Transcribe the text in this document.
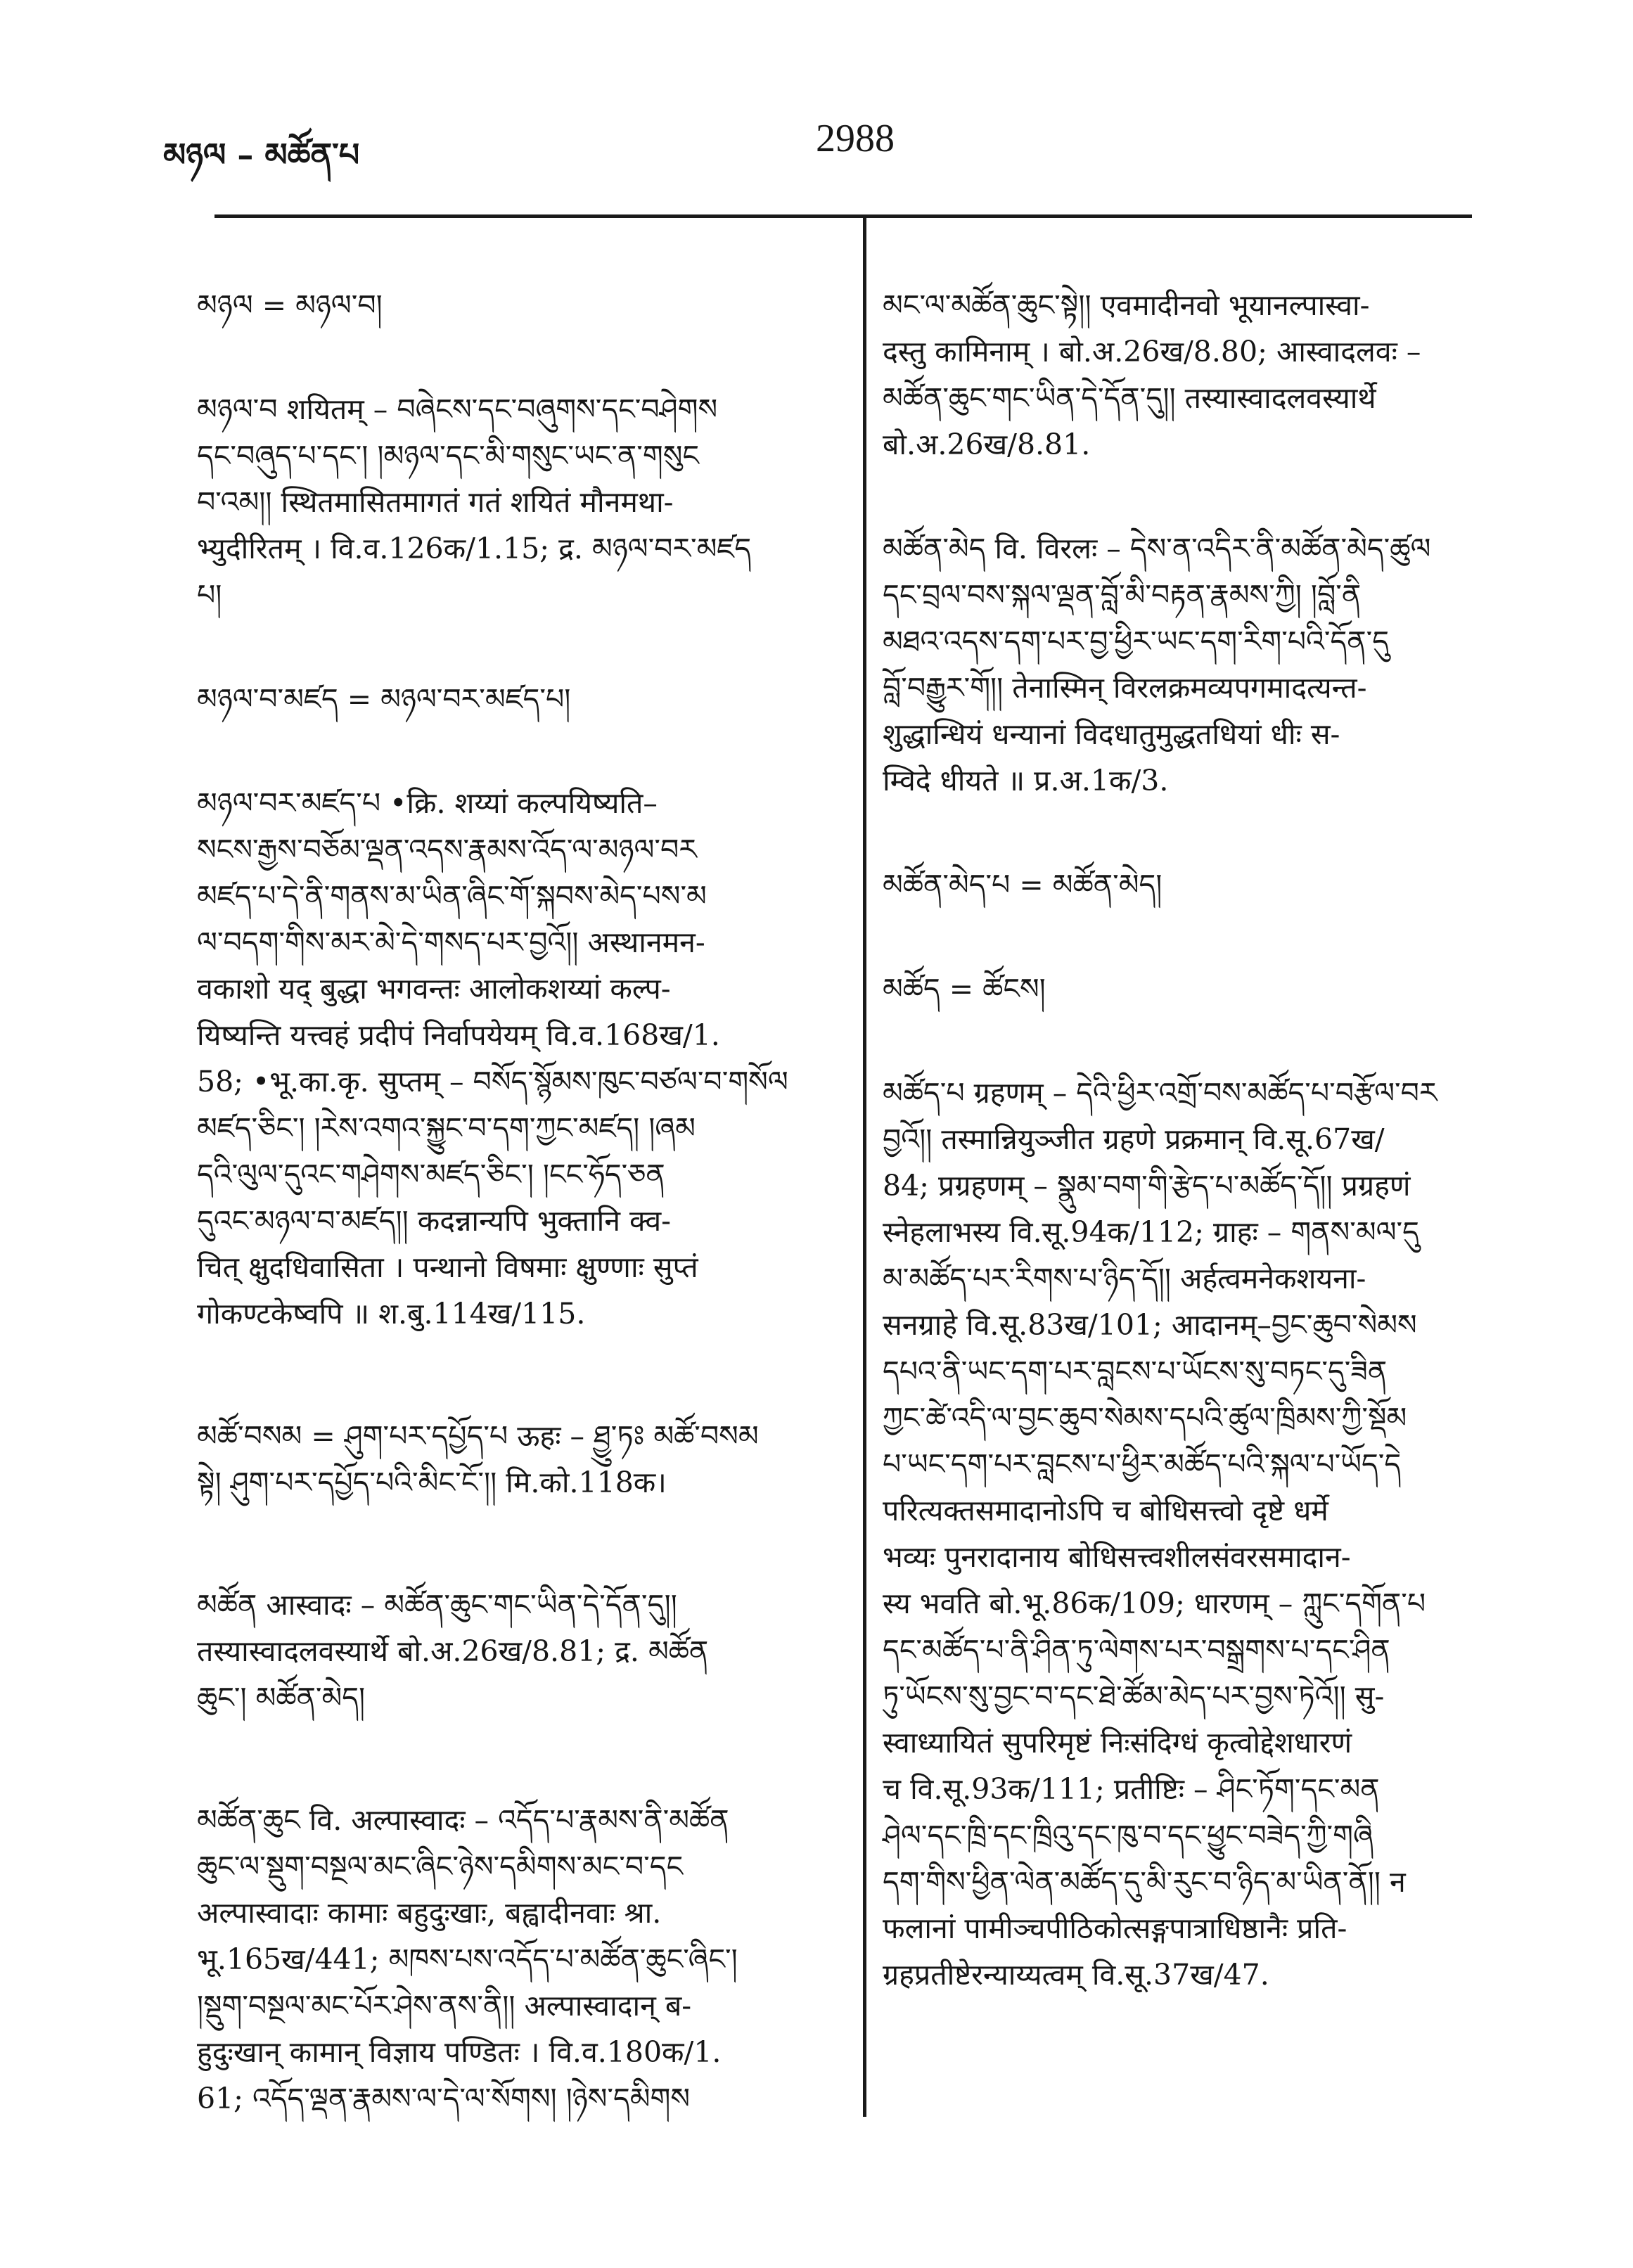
མཉལ – མཚོན་པ	2988

མཉལ = མཉལ་བ།

མཉལ་བ शयितम् – བཞེངས་དང་བཞུགས་དང་བཤེགས
དང་བཞུད་པ་དང་། །མཉལ་དང་མི་གསུང་ཡང་ན་གསུང
བ་འམ།། स्थितमासितमागतं गतं शयितं मौनमथा-
भ्युदीरितम् । वि.व.126क/1.15; द्र. མཉལ་བར་མཛད
པ།

མཉལ་བ་མཛད = མཉལ་བར་མཛད་པ།

མཉལ་བར་མཛད་པ •क्रि. शय्यां कल्पयिष्यति–
སངས་རྒྱས་བཅོམ་ལྡན་འདས་རྣམས་འོད་ལ་མཉལ་བར
མཛད་པ་དེ་ནི་གནས་མ་ཡིན་ཞིང་གོ་སྐབས་མེད་པས་མ
ལ་བདག་གིས་མར་མེ་དེ་གསད་པར་བྱའོ།། अस्थानमन-
वकाशो यद् बुद्धा भगवन्तः आलोकशय्यां कल्प-
यिष्यन्ति यत्त्वहं प्रदीपं निर्वापयेयम् वि.व.168ख/1.
58; •भू.का.कृ. सुप्तम् – བསོད་སྙོམས་ཁུང་བཙལ་བ་གསོལ
མཛད་ཅིང་། །རེས་འགའ་སྐྱུང་བ་དག་ཀྱང་མཛད། །ཞམ
དའི་ལུལ་དུའང་གཤེགས་མཛད་ཅིང་། །ངང་ཧོད་ཅན
དུའང་མཉལ་བ་མཛད།། कदन्नान्यपि भुक्तानि क्व-
चित् क्षुदधिवासिता । पन्थानो विषमाः क्षुण्णाः सुप्तं
गोकण्टकेष्वपि ॥ श.बु.114ख/115.

མཚོ་བསམ = ཤུག་པར་དཔྱོད་པ ऊहः – ཐྱུ་ཏཿ མཚོ་བསམ
སྟེ། ཤུག་པར་དཔྱོད་པའི་མིང་ངོ་།། मि.को.118क।

མཚོན आस्वादः – མཚོན་ཆུང་གང་ཡིན་དེ་དོན་དུ།།
तस्यास्वादलवस्यार्थे बो.अ.26ख/8.81; द्र. མཚོན
ཆུང་། མཚོན་མེད།

མཚོན་ཆུང वि. अल्पास्वादः – འདོད་པ་རྣམས་ནི་མཚོན
ཆུང་ལ་སྡུག་བསྔལ་མང་ཞིང་ཉེས་དམིགས་མང་བ་དང
अल्पास्वादाः कामाः बहुदुःखाः, बह्वादीनवाः श्रा.
भू.165ख/441; མཁས་པས་འདོད་པ་མཚོན་ཆུང་ཞིང་།
།སྡུག་བསྔལ་མང་པོར་ཤེས་ནས་ནི།། अल्पास्वादान् ब-
हुदुःखान् कामान् विज्ञाय पण्डितः । वि.व.180क/1.
61; འདོད་ལྡན་རྣམས་ལ་དེ་ལ་སོགས། །ཉེས་དམིགས

མང་ལ་མཚོན་ཆུང་སྟེ།། एवमादीनवो भूयानल्पास्वा-
दस्तु कामिनाम् । बो.अ.26ख/8.80; आस्वादलवः –
མཚོན་ཆུང་གང་ཡིན་དེ་དོན་དུ།། तस्यास्वादलवस्यार्थे
बो.अ.26ख/8.81.

མཚོན་མེད वि. विरलः – དེས་ན་འདིར་ནི་མཚོན་མེད་ཚུལ
དང་བྲལ་བས་སྐལ་ལྡན་བློ་མི་བརྟན་རྣམས་ཀྱི། །བློ་ནི
མཐའ་འདས་དག་པར་བྱ་ཕྱིར་ཡང་དག་རིག་པའི་དོན་དུ
བློ་བརྒྱུར་གོ།། तेनास्मिन् विरलक्रमव्यपगमादत्यन्त-
शुद्धान्धियं धन्यानां विदधातुमुद्धतधियां धीः स-
म्विदे धीयते ॥ प्र.अ.1क/3.

མཚོན་མེད་པ = མཚོན་མེད།

མཚོད = ཚོངས།

མཚོད་པ ग्रहणम् – དེའི་ཕྱིར་འགྲོ་བས་མཚོད་པ་བརྩོལ་བར
བྱའོ།། तस्मान्नियुञ्जीत ग्रहणे प्रक्रमान् वि.सू.67ख/
84; प्रग्रहणम् – སྣུམ་བག་གི་རྩེད་པ་མཚོད་དོ།། प्रग्रहणं
स्नेहलाभस्य वि.सू.94क/112; ग्राहः – གནས་མལ་དུ
མ་མཚོད་པར་རིགས་པ་ཉིད་དོ།། अर्हत्वमनेकशयना-
सनग्राहे वि.सू.83ख/101; आदानम्–བྱང་ཆུབ་སེམས
དཔའ་ནི་ཡང་དག་པར་བླངས་པ་ཡོངས་སུ་བཏང་དུ་ཟིན
ཀྱང་ཚེ་འདི་ལ་བྱང་ཆུབ་སེམས་དཔའི་ཚུལ་ཁྲིམས་ཀྱི་སྡོམ
པ་ཡང་དག་པར་བླངས་པ་ཕྱིར་མཚོད་པའི་སྐལ་པ་ཡོད་དེ
परित्यक्तसमादानोऽपि च बोधिसत्त्वो दृष्टे धर्मे
भव्यः पुनरादानाय बोधिसत्त्वशीलसंवरसमादान-
स्य भवति बो.भू.86क/109; धारणम् – ཀླུང་དགོན་པ
དང་མཚོད་པ་ནི་ཤིན་ཏུ་ལེགས་པར་བསྒྲགས་པ་དང་ཤིན
ཏུ་ཡོངས་སུ་བྱང་བ་དང་ཐེ་ཚོམ་མེད་པར་བྱས་ཏེའོ།། सु-
स्वाध्यायितं सुपरिमृष्टं निःसंदिग्धं कृत्वोद्देशधारणं
च वि.सू.93क/111; प्रतीष्टिः – ཤིང་ཏོག་དང་མན
ཤེལ་དང་ཁྲི་དང་ཁྲིའུ་དང་ཁུ་བ་དང་ཕྱུང་བཟེད་ཀྱི་གཞི
དག་གིས་ཕྱིན་ལེན་མཚོད་དུ་མི་རུང་བ་ཉིད་མ་ཡིན་ནོ།། न
फलानां पामीञ्चपीठिकोत्सङ्गपात्राधिष्ठानैः प्रति-
ग्रहप्रतीष्टेरन्याय्यत्वम् वि.सू.37ख/47.
